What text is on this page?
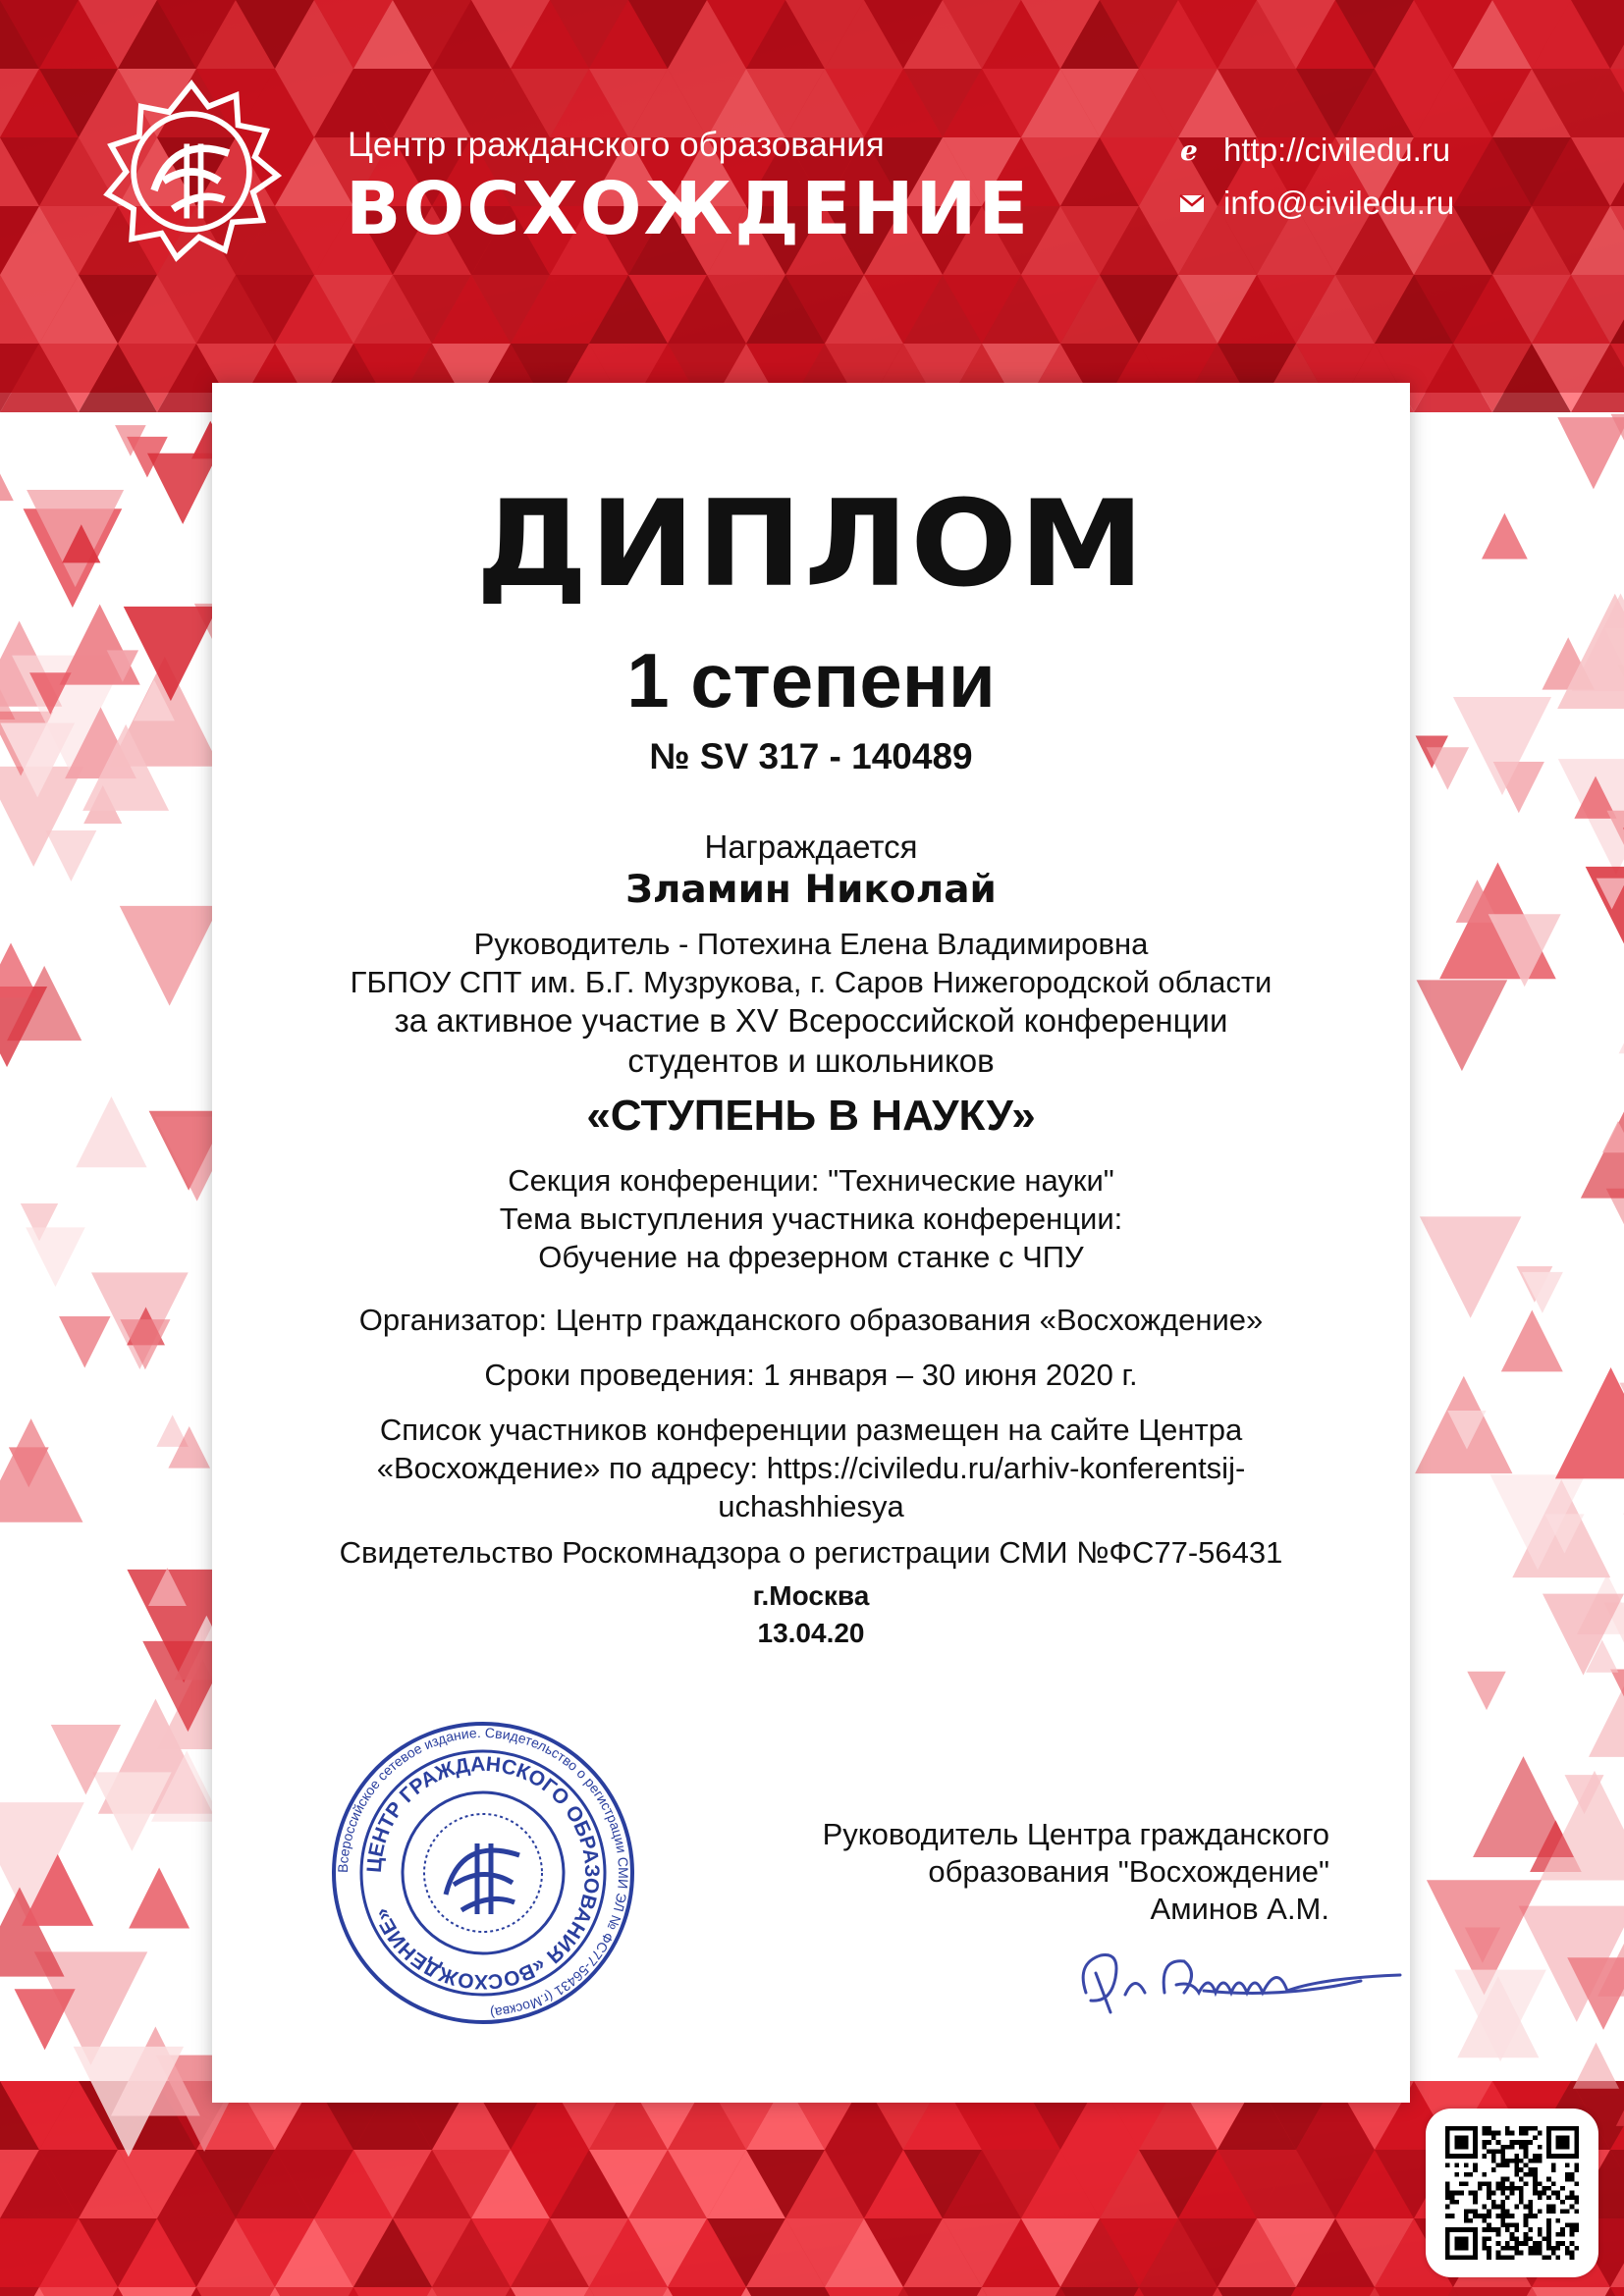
Центр гражданского образования
ВОСХОЖДЕНИЕ
e http://civiledu.ru
info@civiledu.ru
ДИПЛОМ
1 степени
№ SV 317 - 140489
Награждается
Зламин Николай
Руководитель - Потехина Елена Владимировна
ГБПОУ СПТ им. Б.Г. Музрукова, г. Саров Нижегородской области
за активное участие в XV Всероссийской конференции
студентов и школьников
«СТУПЕНЬ В НАУКУ»
Секция конференции: "Технические науки"
Тема выступления участника конференции:
Обучение на фрезерном станке с ЧПУ
Организатор: Центр гражданского образования «Восхождение»
Сроки проведения: 1 января – 30 июня 2020 г.
Список участников конференции размещен на сайте Центра
«Восхождение» по адресу: https://civiledu.ru/arhiv-konferentsij-
uchashhiesya
Свидетельство Роскомнадзора о регистрации СМИ №ФС77-56431
г.Москва
13.04.20
Всероссийское сетевое издание. Свидетельство о регистрации СМИ ЭЛ № ФС77-56431 (г.Москва)
ЦЕНТР ГРАЖДАНСКОГО ОБРАЗОВАНИЯ «ВОСХОЖДЕНИЕ»
Руководитель Центра гражданского
образования "Восхождение"
Аминов А.М.
